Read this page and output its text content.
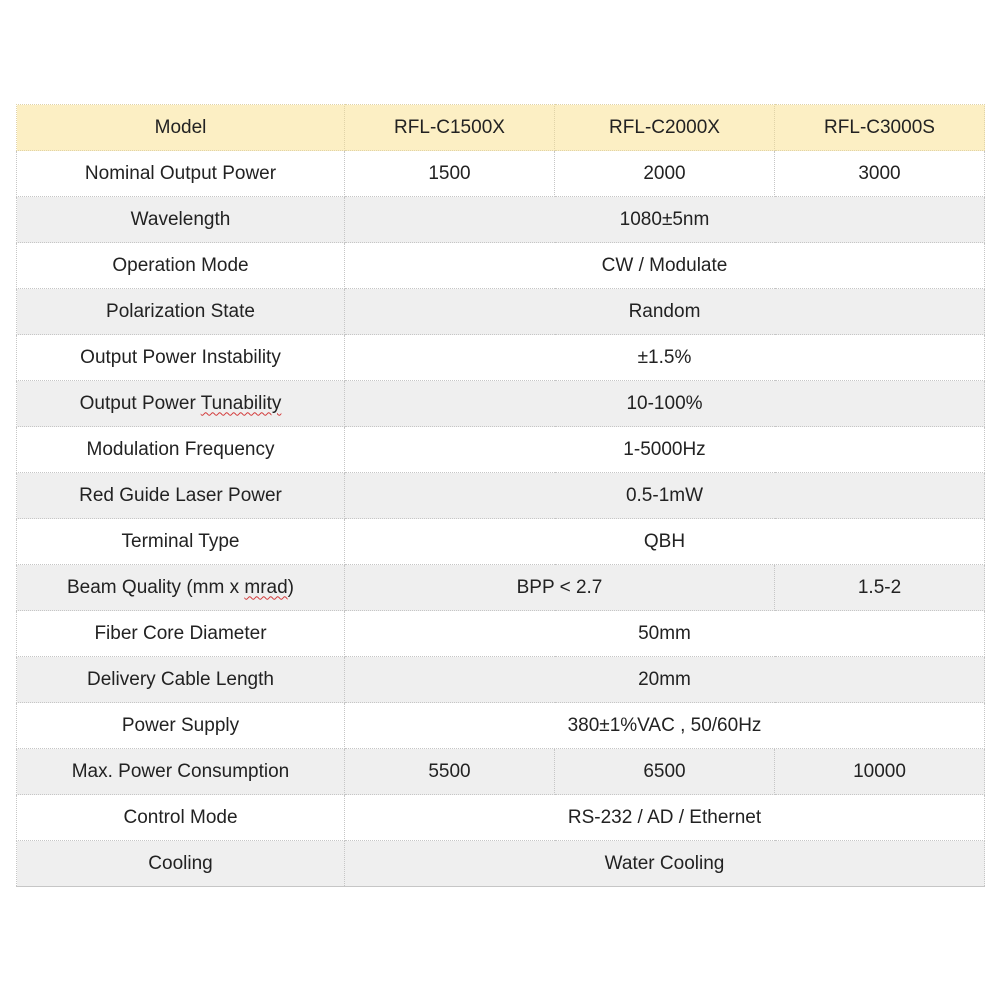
Model	RFL-C1500X	RFL-C2000X	RFL-C3000S
Nominal Output Power	1500	2000	3000
Wavelength	1080±5nm		
Operation Mode	CW / Modulate		
Polarization State	Random		
Output Power Instability	±1.5%		
Output Power Tunability	10-100%		
Modulation Frequency	1-5000Hz		
Red Guide Laser Power	0.5-1mW		
Terminal Type	QBH		
Beam Quality (mm x mrad)	BPP < 2.7		1.5-2
Fiber Core Diameter	50mm		
Delivery Cable Length	20mm		
Power Supply	380±1%VAC , 50/60Hz		
Max. Power Consumption	5500	6500	10000
Control Mode	RS-232 / AD / Ethernet		
Cooling	Water Cooling		
